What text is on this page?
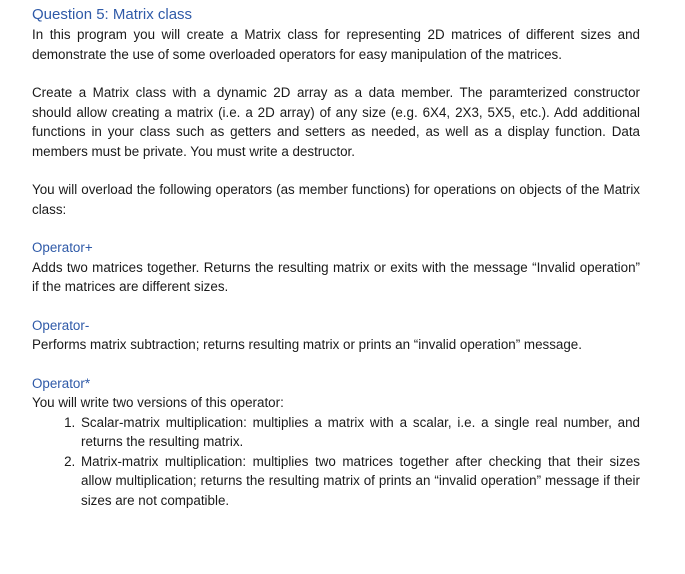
Question 5: Matrix class

In this program you will create a Matrix class for representing 2D matrices of different sizes and demonstrate the use of some overloaded operators for easy manipulation of the matrices.

Create a Matrix class with a dynamic 2D array as a data member. The paramterized constructor should allow creating a matrix (i.e. a 2D array) of any size (e.g. 6X4, 2X3, 5X5, etc.). Add additional functions in your class such as getters and setters as needed, as well as a display function. Data members must be private. You must write a destructor.

You will overload the following operators (as member functions) for operations on objects of the Matrix class:

Operator+

Adds two matrices together. Returns the resulting matrix or exits with the message “Invalid operation” if the matrices are different sizes.

Operator-

Performs matrix subtraction; returns resulting matrix or prints an “invalid operation” message.

Operator*

You will write two versions of this operator:

1. Scalar-matrix multiplication: multiplies a matrix with a scalar, i.e. a single real number, and returns the resulting matrix.
2. Matrix-matrix multiplication: multiplies two matrices together after checking that their sizes allow multiplication; returns the resulting matrix of prints an “invalid operation” message if their sizes are not compatible.
